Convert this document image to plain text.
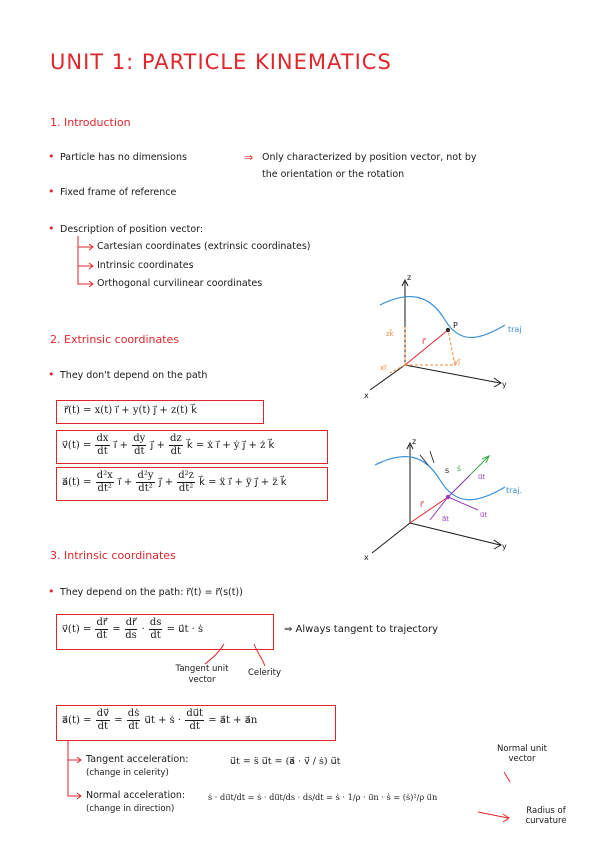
UNIT 1: PARTICLE KINEMATICS
1. Introduction
• Particle has no dimensions	⇒ Only characterized by position vector, not by
the orientation or the rotation
• Fixed frame of reference
• Description of position vector:
Cartesian coordinates (extrinsic coordinates)
Intrinsic coordinates
Orthogonal curvilinear coordinates
z
y
x
P	traj
zk⃗
yj⃗
xi⃗
r⃗
2. Extrinsic coordinates
• They don't depend on the path
r⃗(t) = x(t) i⃗ + y(t) j⃗ + z(t) k⃗
v⃗(t) = $\frac{dx}{dt}$ i⃗ + $\frac{dy}{dt}$ j⃗ + $\frac{dz}{dt}$ k⃗ = ẋ i⃗ + ẏ j⃗ + ż k⃗
a⃗(t) = $\frac{\text{d²x}}{\text{dt²}}$ i⃗ + $\frac{\text{d²y}}{\text{dt²}}$ j⃗ + $\frac{\text{d²z}}{\text{dt²}}$ k⃗ = ẍ i⃗ + ÿ j⃗ + z̈ k⃗
z
y
x
traj.
s ṡ
r⃗
u⃗t
u⃗t
a⃗t
3. Intrinsic coordinates
• They depend on the path: r⃗(t) = r⃗(s(t))
v⃗(t) = $\frac{dr⃗}{dt} = \frac{dr⃗}{ds} \cdot \frac{ds}{dt}$ = u⃗t · ṡ	⇒ Always tangent to trajectory
Tangent unit vector
Celerity
a⃗(t) = $\frac{dv⃗}{dt} = \frac{\text{dṡ}}{dt}$ u⃗t + ṡ · $\frac{du⃗t}{dt}$ = a⃗t + a⃗n
Tangent acceleration:
(change in celerity)
u⃗t = s̈ u⃗t = (a⃗ · v⃗ / ṡ) u⃗t
Normal acceleration:
(change in direction)
ṡ · du⃗t/dt = ṡ · du⃗t/ds · ds/dt = ṡ · 1/ρ · u⃗n · ṡ = (ṡ)²/ρ u⃗n
Normal unit vector
Radius of curvature
